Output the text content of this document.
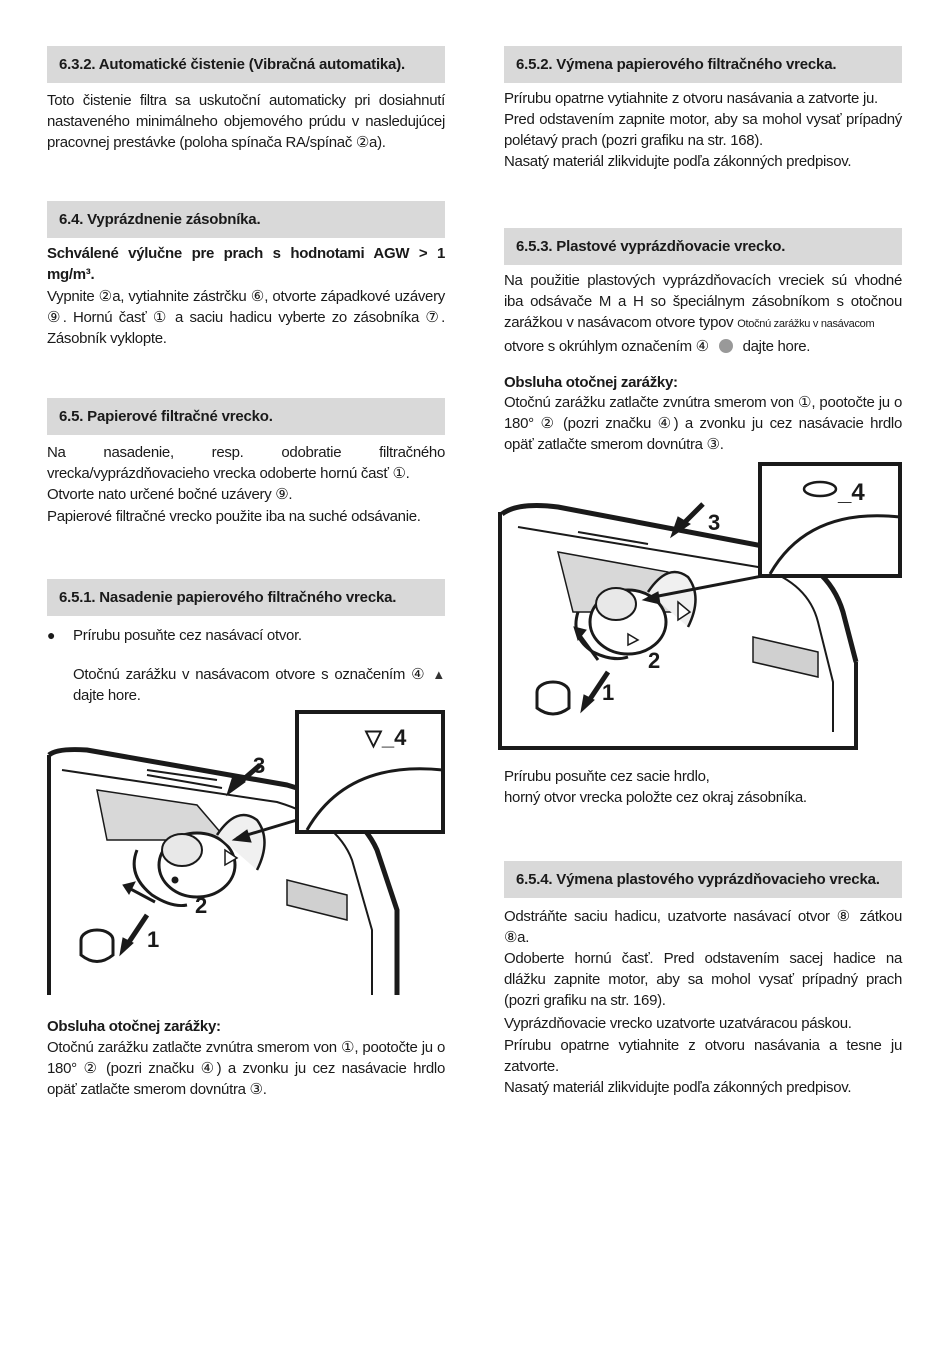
6.3.2. Automatické čistenie (Vibračná automatika).
Toto čistenie filtra sa uskutoční automaticky pri dosiahnutí nastaveného minimálneho objemového prúdu v nasledujúcej pracovnej prestávke (poloha spínača RA/spínač ②a).
6.4. Vyprázdnenie zásobníka.
Schválené výlučne pre prach s hodnotami AGW > 1 mg/m³.
Vypnite ②a, vytiahnite zástrčku ⑥, otvorte západkové uzávery ⑨. Hornú časť ① a saciu hadicu vyberte zo zásobníka ⑦. Zásobník vyklopte.
6.5. Papierové filtračné vrecko.
Na nasadenie, resp. odobratie filtračného vrecka/vyprázdňovacieho vrecka odoberte hornú časť ①.
Otvorte nato určené bočné uzávery ⑨.
Papierové filtračné vrecko použite iba na suché odsávanie.
6.5.1. Nasadenie papierového filtračného vrecka.
● Prírubu posuňte cez nasávací otvor.
Otočnú zarážku v nasávacom otvore s označením ④ ▲ dajte hore.
Obsluha otočnej zarážky:
Otočnú zarážku zatlačte zvnútra smerom von ①, pootočte ju o 180° ② (pozri značku ④) a zvonku ju cez nasávacie hrdlo opäť zatlačte smerom dovnútra ③.
▽_4
3
2
1
6.5.2. Výmena papierového filtračného vrecka.
Prírubu opatrne vytiahnite z otvoru nasávania a zatvorte ju.
Pred odstavením zapnite motor, aby sa mohol vysať prípadný polétavý prach (pozri grafiku na str. 168).
Nasatý materiál zlikvidujte podľa zákonných predpisov.
6.5.3. Plastové vyprázdňovacie vrecko.
Na použitie plastových vyprázdňovacích vreciek sú vhodné iba odsávače M a H so špeciálnym zásobníkom s otočnou zarážkou v nasávacom otvore typov Otočnú zarážku v nasávacom
otvore s okrúhlym označením ④ dajte hore.
Obsluha otočnej zarážky:
Otočnú zarážku zatlačte zvnútra smerom von ①, pootočte ju o 180° ② (pozri značku ④) a zvonku ju cez nasávacie hrdlo opäť zatlačte smerom dovnútra ③.
Prírubu posuňte cez sacie hrdlo,
horný otvor vrecka položte cez okraj zásobníka.
6.5.4. Výmena plastového vyprázdňovacieho vrecka.
Odstráňte saciu hadicu, uzatvorte nasávací otvor ⑧ zátkou ⑧a.
Odoberte hornú časť. Pred odstavením sacej hadice na dlážku zapnite motor, aby sa mohol vysať prípadný prach (pozri grafiku na str. 169).
Vyprázdňovacie vrecko uzatvorte uzatváracou páskou.
Prírubu opatrne vytiahnite z otvoru nasávania a tesne ju zatvorte.
Nasatý materiál zlikvidujte podľa zákonných predpisov.
_4
3
2
1
